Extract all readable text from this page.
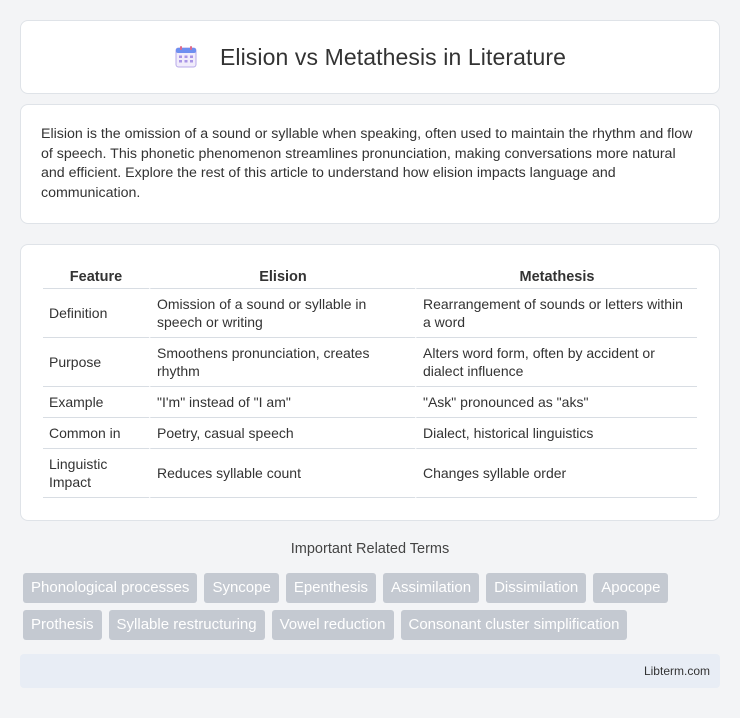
Elision vs Metathesis in Literature

Elision is the omission of a sound or syllable when speaking, often used to maintain the rhythm and flow of speech. This phonetic phenomenon streamlines pronunciation, making conversations more natural and efficient. Explore the rest of this article to understand how elision impacts language and communication.

Feature	Elision	Metathesis
Definition	Omission of a sound or syllable in speech or writing	Rearrangement of sounds or letters within a word
Purpose	Smoothens pronunciation, creates rhythm	Alters word form, often by accident or dialect influence
Example	"I'm" instead of "I am"	"Ask" pronounced as "aks"
Common in	Poetry, casual speech	Dialect, historical linguistics
Linguistic Impact	Reduces syllable count	Changes syllable order
Important Related Terms
Phonological processes	Syncope	Epenthesis	Assimilation	Dissimilation	Apocope
Prothesis	Syllable restructuring	Vowel reduction	Consonant cluster simplification
Libterm.com
